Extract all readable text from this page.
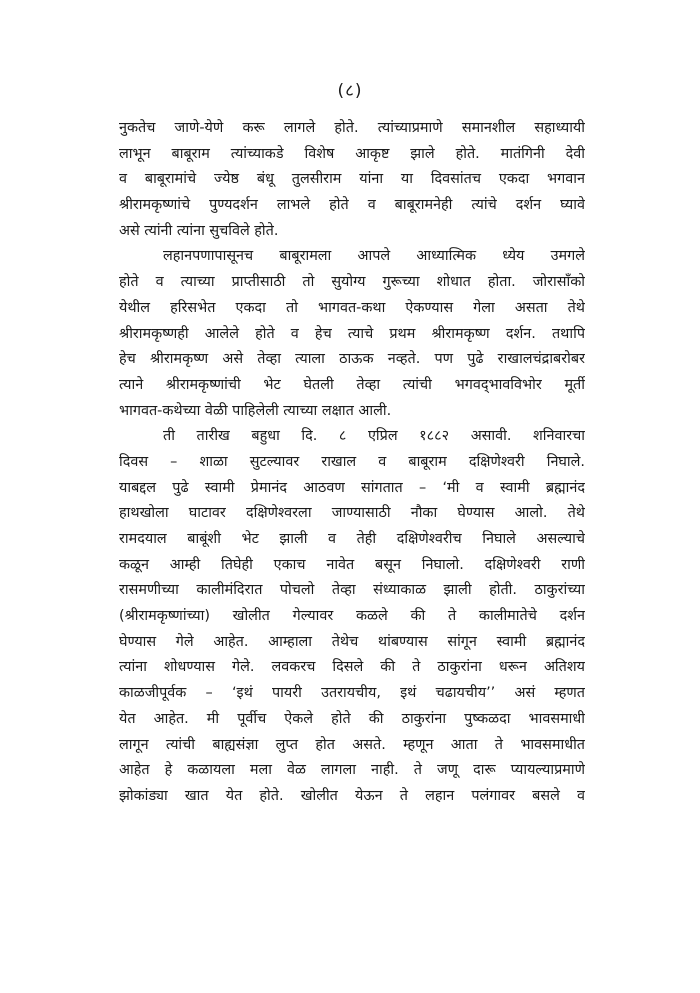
(८)
नुकतेच जाणे-येणे करू लागले होते. त्यांच्याप्रमाणे समानशील सहाध्यायी
लाभून बाबूराम त्यांच्याकडे विशेष आकृष्ट झाले होते. मातंगिनी देवी
व बाबूरामांचे ज्येष्ठ बंधू तुलसीराम यांना या दिवसांतच एकदा भगवान
श्रीरामकृष्णांचे पुण्यदर्शन लाभले होते व बाबूरामनेही त्यांचे दर्शन घ्यावे
असे त्यांनी त्यांना सुचविले होते.
लहानपणापासूनच बाबूरामला आपले आध्यात्मिक ध्येय उमगले
होते व त्याच्या प्राप्तीसाठी तो सुयोग्य गुरूच्या शोधात होता. जोरासाँको
येथील हरिसभेत एकदा तो भागवत-कथा ऐकण्यास गेला असता तेथे
श्रीरामकृष्णही आलेले होते व हेच त्याचे प्रथम श्रीरामकृष्ण दर्शन. तथापि
हेच श्रीरामकृष्ण असे तेव्हा त्याला ठाऊक नव्हते. पण पुढे राखालचंद्राबरोबर
त्याने श्रीरामकृष्णांची भेट घेतली तेव्हा त्यांची भगवद्‌भावविभोर मूर्ती
भागवत-कथेच्या वेळी पाहिलेली त्याच्या लक्षात आली.
ती तारीख बहुधा दि. ८ एप्रिल १८८२ असावी. शनिवारचा
दिवस – शाळा सुटल्यावर राखाल व बाबूराम दक्षिणेश्वरी निघाले.
याबद्दल पुढे स्वामी प्रेमानंद आठवण सांगतात – ‘मी व स्वामी ब्रह्मानंद
हाथखोला घाटावर दक्षिणेश्वरला जाण्यासाठी नौका घेण्यास आलो. तेथे
रामदयाल बाबूंशी भेट झाली व तेही दक्षिणेश्वरीच निघाले असल्याचे
कळून आम्ही तिघेही एकाच नावेत बसून निघालो. दक्षिणेश्वरी राणी
रासमणीच्या कालीमंदिरात पोचलो तेव्हा संध्याकाळ झाली होती. ठाकुरांच्या
(श्रीरामकृष्णांच्या) खोलीत गेल्यावर कळले की ते कालीमातेचे दर्शन
घेण्यास गेले आहेत. आम्हाला तेथेच थांबण्यास सांगून स्वामी ब्रह्मानंद
त्यांना शोधण्यास गेले. लवकरच दिसले की ते ठाकुरांना धरून अतिशय
काळजीपूर्वक – ‘इथं पायरी उतरायचीय, इथं चढायचीय’’ असं म्हणत
येत आहेत. मी पूर्वीच ऐकले होते की ठाकुरांना पुष्कळदा भावसमाधी
लागून त्यांची बाह्यसंज्ञा लुप्त होत असते. म्हणून आता ते भावसमाधीत
आहेत हे कळायला मला वेळ लागला नाही. ते जणू दारू प्यायल्याप्रमाणे
झोकांड्या खात येत होते. खोलीत येऊन ते लहान पलंगावर बसले व
